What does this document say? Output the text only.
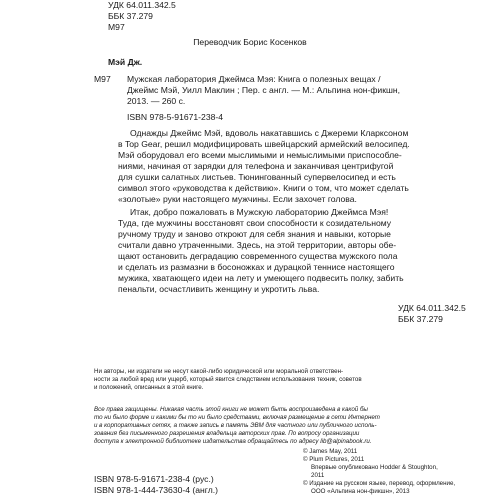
УДК 64.011.342.5
ББК 37.279
М97
Переводчик Борис Косенков
Мэй Дж.
М97 Мужская лаборатория Джеймса Мэя: Книга о полезных вещах /
Джеймс Мэй, Уилл Маклин ; Пер. с англ. — М.: Альпина нон-фикшн,
2013. — 260 с.
ISBN 978-5-91671-238-4
Однажды Джеймс Мэй, вдоволь накатавшись с Джереми Кларксоном
в Top Gear, решил модифицировать швейцарский армейский велосипед.
Мэй оборудовал его всеми мыслимыми и немыслимыми приспособле-
ниями, начиная от зарядки для телефона и заканчивая центрифугой
для сушки салатных листьев. Тюнингованный супервелосипед и есть
символ этого «руководства к действию». Книги о том, что может сделать
«золотые» руки настоящего мужчины. Если захочет голова.
Итак, добро пожаловать в Мужскую лабораторию Джеймса Мэя!
Туда, где мужчины восстановят свои способности к созидательному
ручному труду и заново откроют для себя знания и навыки, которые
считали давно утраченными. Здесь, на этой территории, авторы обе-
щают остановить деградацию современного существа мужского пола
и сделать из размазни в босоножках и дурацкой теннисе настоящего
мужика, хватающего идеи на лету и умеющего подвесить полку, забить
пенальти, осчастливить женщину и укротить льва.
УДК 64.011.342.5
ББК 37.279
Ни авторы, ни издатели не несут какой-либо юридической или моральной ответствен-
ности за любой вред или ущерб, который явится следствием использования техник, советов
и положений, описанных в этой книге.
Все права защищены. Никакая часть этой книги не может быть воспроизведена в какой бы
то ни было форме и какими бы то ни было средствами, включая размещение в сети Интернет
и в корпоративных сетях, а также запись в память ЭВМ для частного или публичного исполь-
зования без письменного разрешения владельца авторских прав. По вопросу организации
доступа к электронной библиотеке издательства обращайтесь по адресу lib@alpinabook.ru.
ISBN 978-5-91671-238-4 (рус.)
ISBN 978-1-444-73630-4 (англ.)
© James May, 2011
© Plum Pictures, 2011
Впервые опубликовано Hodder & Stoughton,
2011
© Издание на русском языке, перевод, оформление,
ООО «Альпина нон-фикшн», 2013
